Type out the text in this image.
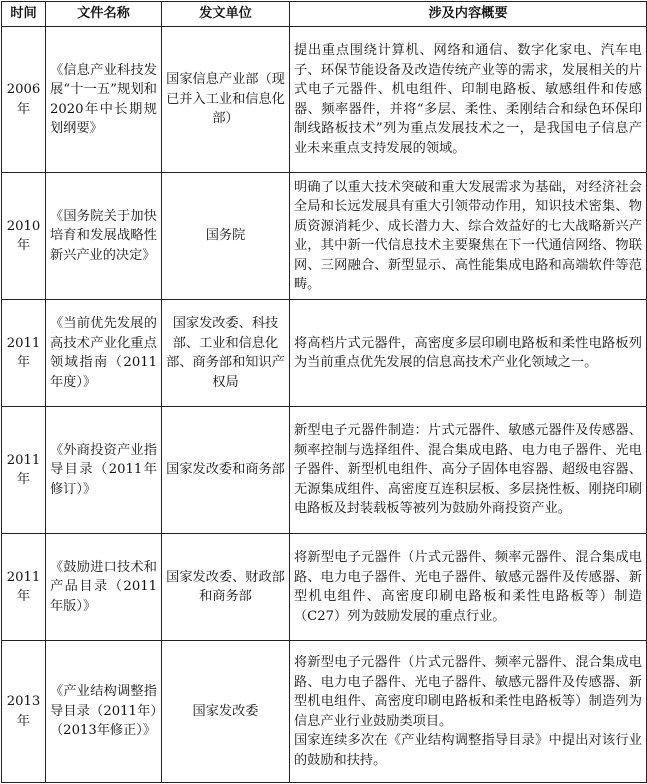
时间	文件名称	发文单位	涉及内容概要
2006年	《信息产业科技发展“十一五”规划和2020年中长期规划纲要》	国家信息产业部（现已并入工业和信息化部）	提出重点围绕计算机、网络和通信、数字化家电、汽车电子、环保节能设备及改造传统产业等的需求，发展相关的片式电子元器件、机电组件、印制电路板、敏感组件和传感器、频率器件，并将“多层、柔性、柔刚结合和绿色环保印制线路板技术”列为重点发展技术之一，是我国电子信息产业未来重点支持发展的领域。

2010年	《国务院关于加快培育和发展战略性新兴产业的决定》	国务院	明确了以重大技术突破和重大发展需求为基础，对经济社会全局和长远发展具有重大引领带动作用，知识技术密集、物质资源消耗少、成长潜力大、综合效益好的七大战略新兴产业，其中新一代信息技术主要聚焦在下一代通信网络、物联网、三网融合、新型显示、高性能集成电路和高端软件等范畴。

2011年	《当前优先发展的高技术产业化重点领域指南（2011年度）》	国家发改委、科技部、工业和信息化部、商务部和知识产权局	将高档片式元器件，高密度多层印刷电路板和柔性电路板列为当前重点优先发展的信息高技术产业化领域之一。

2011年	《外商投资产业指导目录（2011年修订）》	国家发改委和商务部	新型电子元器件制造：片式元器件、敏感元器件及传感器、频率控制与选择组件、混合集成电路、电力电子器件、光电子器件、新型机电组件、高分子固体电容器、超级电容器、无源集成组件、高密度互连积层板、多层挠性板、刚挠印刷电路板及封装载板等被列为鼓励外商投资产业。

2011年	《鼓励进口技术和产品目录（2011年版）》	国家发改委、财政部和商务部	将新型电子元器件（片式元器件、频率元器件、混合集成电路、电力电子器件、光电子器件、敏感元器件及传感器、新型机电组件、高密度印刷电路板和柔性电路板等）制造（C27）列为鼓励发展的重点行业。

2013年	《产业结构调整指导目录（2011年）（2013年修正）》	国家发改委	将新型电子元器件（片式元器件、频率元器件、混合集成电路、电力电子器件、光电子器件、敏感元器件及传感器、新型机电组件、高密度印刷电路板和柔性电路板等）制造列为信息产业行业鼓励类项目。
国家连续多次在《产业结构调整指导目录》中提出对该行业的鼓励和扶持。
